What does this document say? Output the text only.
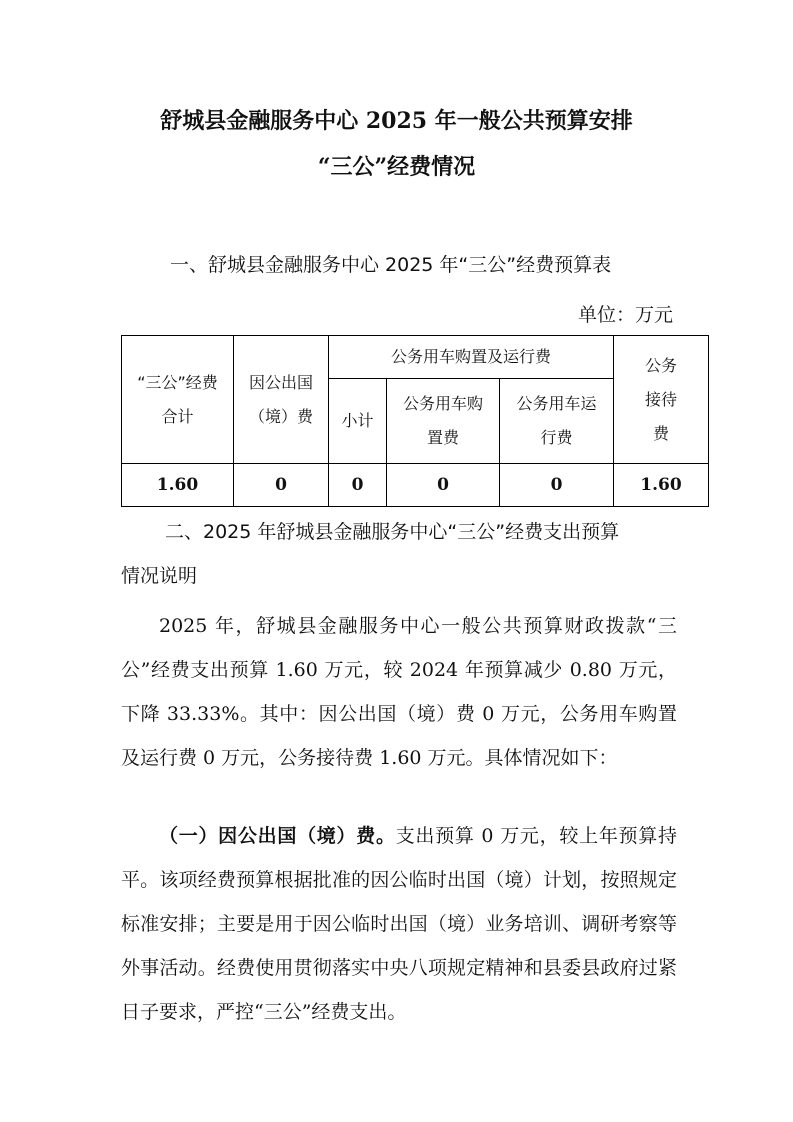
舒城县金融服务中心 2025 年一般公共预算安排
“三公”经费情况

一、舒城县金融服务中心 2025 年“三公”经费预算表

单位：万元
“三公”经费合计	因公出国（境）费	公务用车购置及运行费			公务接待费

		小计	公务用车购置费	公务用车运行费	

1.60	0	0	0	0	1.60
二、2025 年舒城县金融服务中心“三公”经费支出预算
情况说明

2025 年，舒城县金融服务中心一般公共预算财政拨款“三公”经费支出预算 1.60 万元，较 2024 年预算减少 0.80 万元，下降 33.33%。其中：因公出国（境）费 0 万元，公务用车购置及运行费 0 万元，公务接待费 1.60 万元。具体情况如下：

（一）因公出国（境）费。支出预算 0 万元，较上年预算持平。该项经费预算根据批准的因公临时出国（境）计划，按照规定标准安排；主要是用于因公临时出国（境）业务培训、调研考察等外事活动。经费使用贯彻落实中央八项规定精神和县委县政府过紧日子要求，严控“三公”经费支出。
